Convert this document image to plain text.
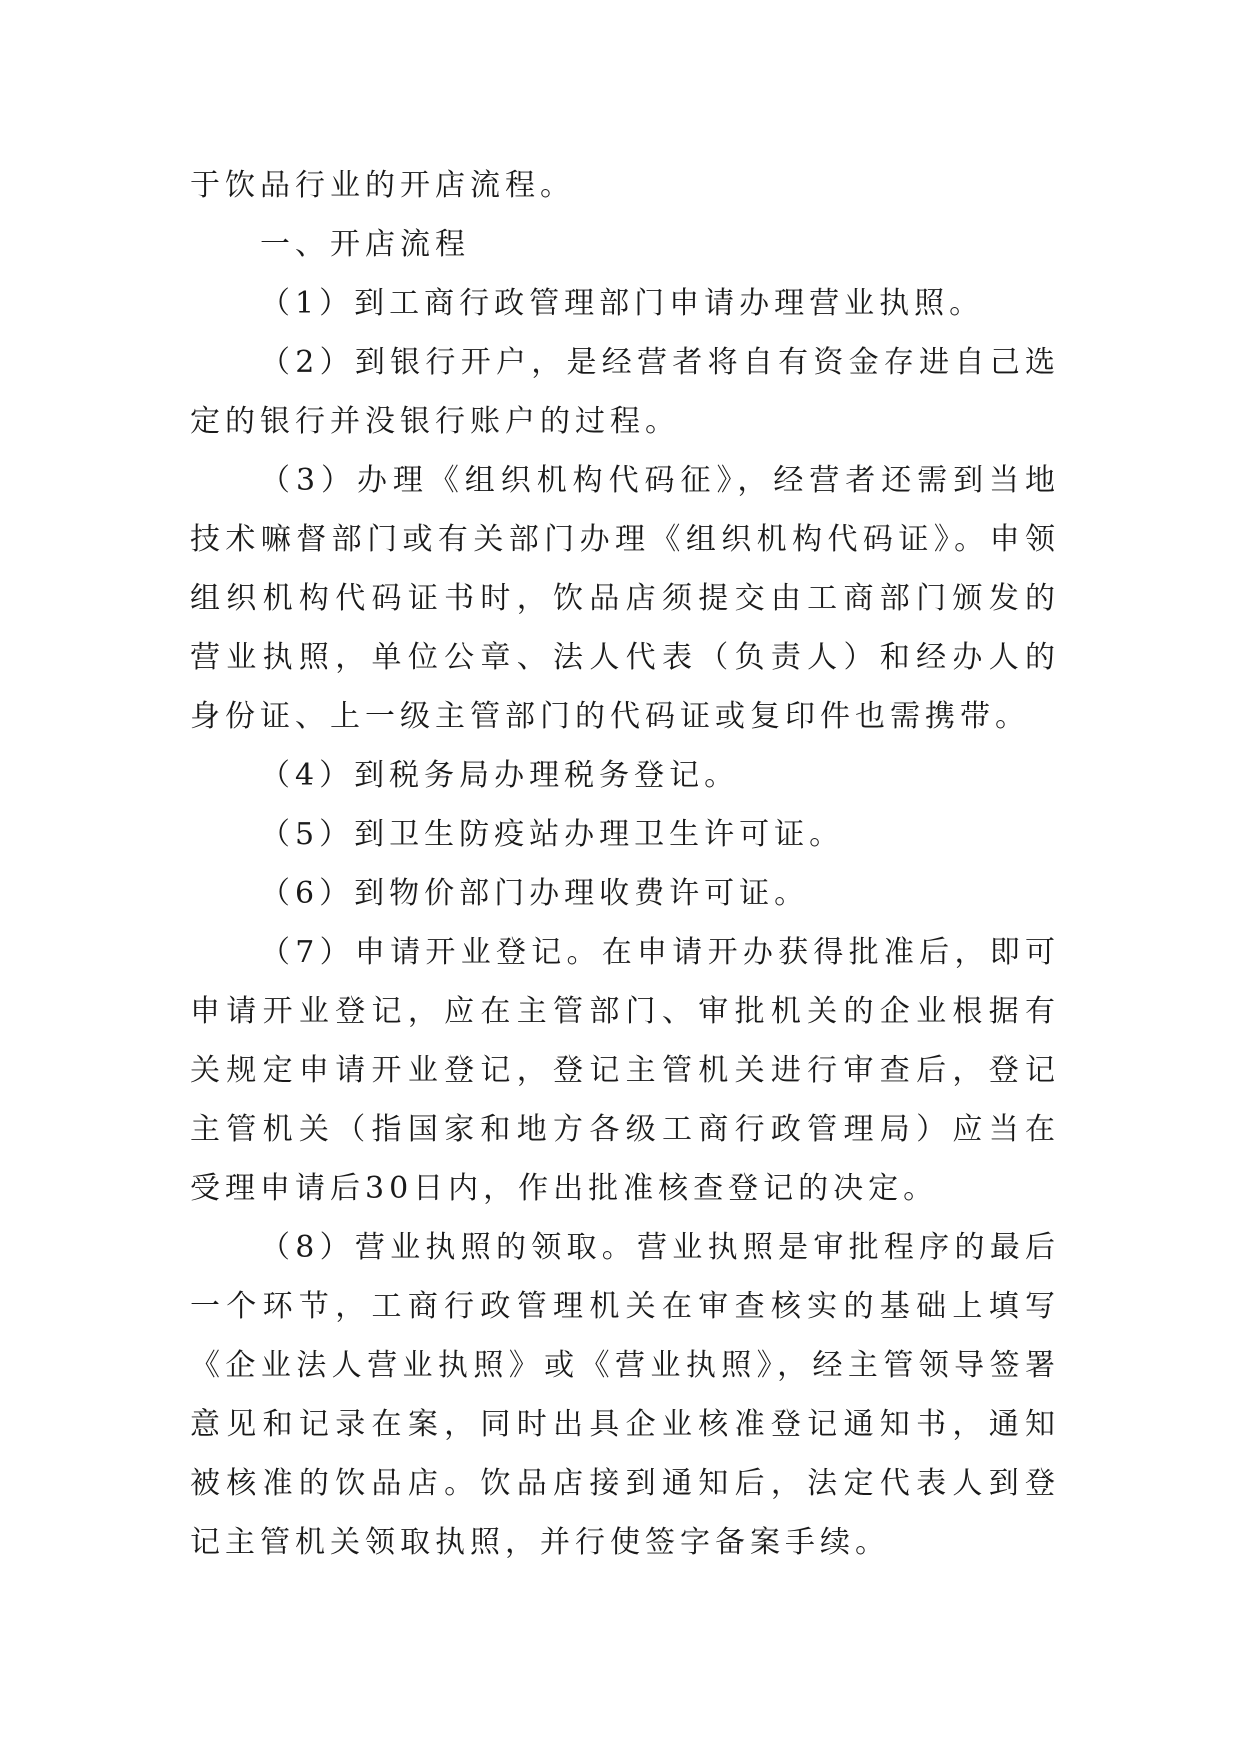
于饮品行业的开店流程。

一、开店流程

（1）到工商行政管理部门申请办理营业执照。

（2）到银行开户，是经营者将自有资金存进自己选定的银行并没银行账户的过程。

（3）办理《组织机构代码征》，经营者还需到当地技术嘛督部门或有关部门办理《组织机构代码证》。申领组织机构代码证书时，饮品店须提交由工商部门颁发的营业执照，单位公章、法人代表（负责人）和经办人的身份证、上一级主管部门的代码证或复印件也需携带。

（4）到税务局办理税务登记。

（5）到卫生防疫站办理卫生许可证。

（6）到物价部门办理收费许可证。

（7）申请开业登记。在申请开办获得批准后，即可申请开业登记，应在主管部门、审批机关的企业根据有关规定申请开业登记，登记主管机关进行审查后，登记主管机关（指国家和地方各级工商行政管理局）应当在受理申请后30日内，作出批准核查登记的决定。

（8）营业执照的领取。营业执照是审批程序的最后一个环节，工商行政管理机关在审查核实的基础上填写《企业法人营业执照》或《营业执照》，经主管领导签署意见和记录在案，同时出具企业核准登记通知书，通知被核准的饮品店。饮品店接到通知后，法定代表人到登记主管机关领取执照，并行使签字备案手续。
